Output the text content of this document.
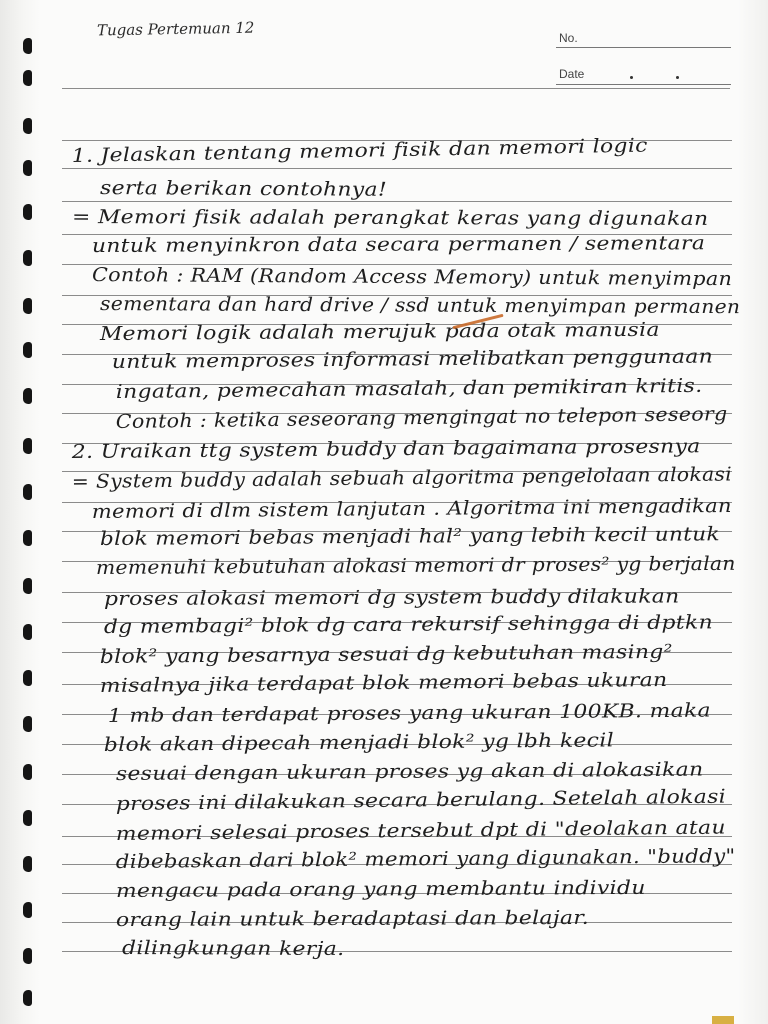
Tugas Pertemuan 12	No.
Date
1. Jelaskan tentang memori fisik dan memori logic
serta berikan contohnya!
= Memori fisik adalah perangkat keras yang digunakan
untuk menyinkron data secara permanen / sementara
Contoh : RAM (Random Access Memory) untuk menyimpan
sementara dan hard drive / ssd untuk menyimpan permanen
Memori logik adalah merujuk pada otak manusia
untuk memproses informasi melibatkan penggunaan
ingatan, pemecahan masalah, dan pemikiran kritis.
Contoh : ketika seseorang mengingat no telepon seseorg
2. Uraikan ttg system buddy dan bagaimana prosesnya
= System buddy adalah sebuah algoritma pengelolaan alokasi
memori di dlm sistem lanjutan . Algoritma ini mengadikan
blok memori bebas menjadi hal² yang lebih kecil untuk
memenuhi kebutuhan alokasi memori dr proses² yg berjalan
proses alokasi memori dg system buddy dilakukan
dg membagi² blok dg cara rekursif sehingga di dptkn
blok² yang besarnya sesuai dg kebutuhan masing²
misalnya jika terdapat blok memori bebas ukuran
1 mb dan terdapat proses yang ukuran 100KB. maka
blok akan dipecah menjadi blok² yg lbh kecil
sesuai dengan ukuran proses yg akan di alokasikan
proses ini dilakukan secara berulang. Setelah alokasi
memori selesai proses tersebut dpt di "deolakan atau
dibebaskan dari blok² memori yang digunakan. "buddy"
mengacu pada orang yang membantu individu
orang lain untuk beradaptasi dan belajar.
dilingkungan kerja.
